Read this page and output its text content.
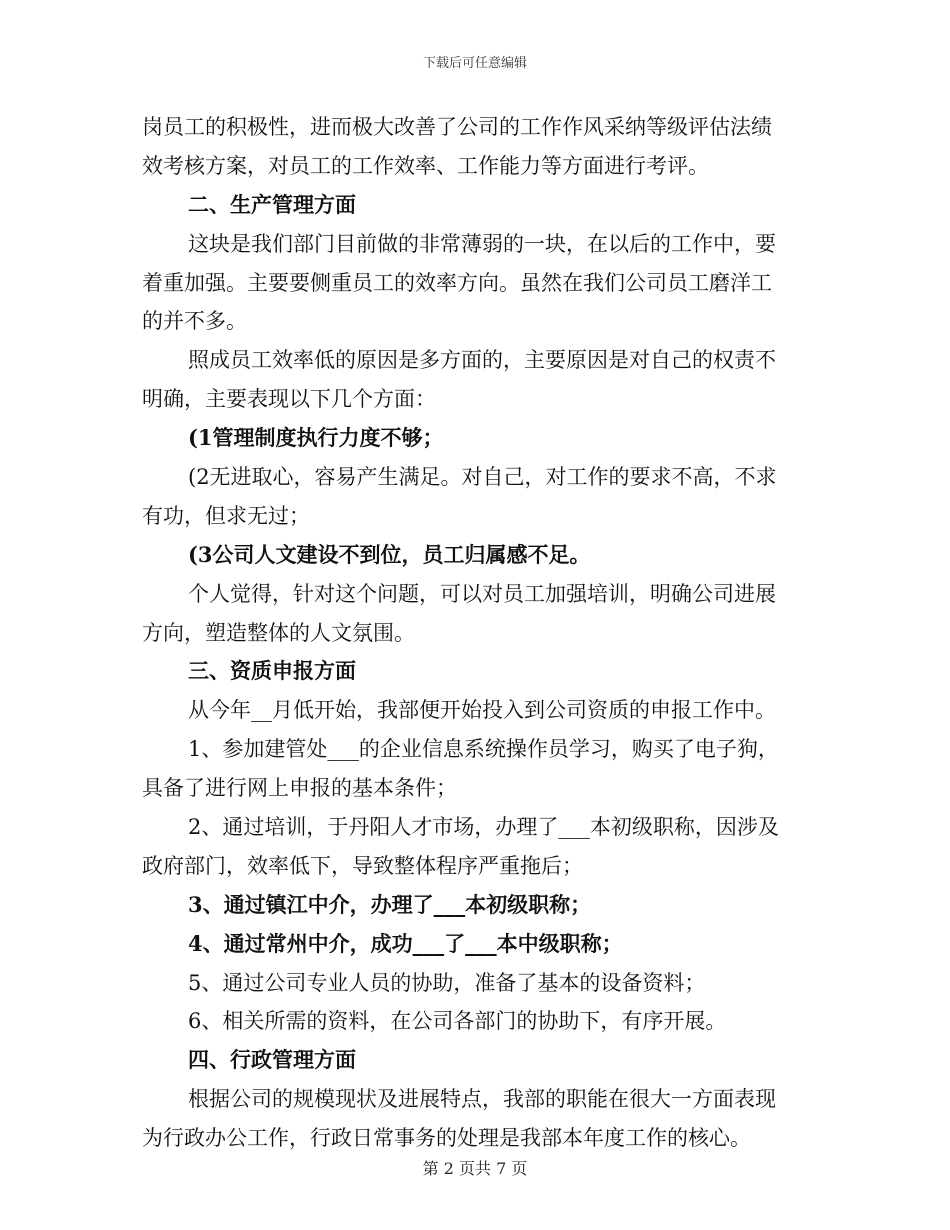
下载后可任意编辑
岗员工的积极性，进而极大改善了公司的工作作风采纳等级评估法绩
效考核方案，对员工的工作效率、工作能力等方面进行考评。
二、生产管理方面
这块是我们部门目前做的非常薄弱的一块，在以后的工作中，要
着重加强。主要要侧重员工的效率方向。虽然在我们公司员工磨洋工
的并不多。
照成员工效率低的原因是多方面的，主要原因是对自己的权责不
明确，主要表现以下几个方面：
(1管理制度执行力度不够；
(2无进取心，容易产生满足。对自己，对工作的要求不高，不求
有功，但求无过；
(3公司人文建设不到位，员工归属感不足。
个人觉得，针对这个问题，可以对员工加强培训，明确公司进展
方向，塑造整体的人文氛围。
三、资质申报方面
从今年__月低开始，我部便开始投入到公司资质的申报工作中。
1、参加建管处___的企业信息系统操作员学习，购买了电子狗，
具备了进行网上申报的基本条件；
2、通过培训，于丹阳人才市场，办理了___本初级职称，因涉及
政府部门，效率低下，导致整体程序严重拖后；
3、通过镇江中介，办理了___本初级职称；
4、通过常州中介，成功___了___本中级职称；
5、通过公司专业人员的协助，准备了基本的设备资料；
6、相关所需的资料，在公司各部门的协助下，有序开展。
四、行政管理方面
根据公司的规模现状及进展特点，我部的职能在很大一方面表现
为行政办公工作，行政日常事务的处理是我部本年度工作的核心。
第 2 页共 7 页
